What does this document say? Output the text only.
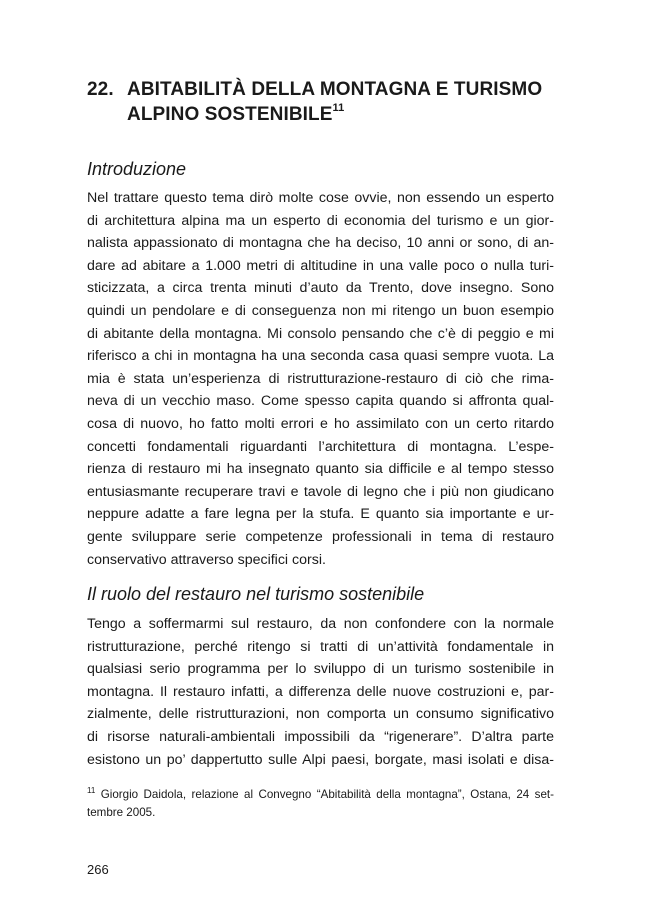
22. ABITABILITÀ DELLA MONTAGNA E TURISMO
ALPINO SOSTENIBILE$^{11}$
Introduzione

Nel trattare questo tema dirò molte cose ovvie, non essendo un esperto
di architettura alpina ma un esperto di economia del turismo e un gior-
nalista appassionato di montagna che ha deciso, 10 anni or sono, di an-
dare ad abitare a 1.000 metri di altitudine in una valle poco o nulla turi-
sticizzata, a circa trenta minuti d’auto da Trento, dove insegno. Sono
quindi un pendolare e di conseguenza non mi ritengo un buon esempio
di abitante della montagna. Mi consolo pensando che c’è di peggio e mi
riferisco a chi in montagna ha una seconda casa quasi sempre vuota. La
mia è stata un’esperienza di ristrutturazione-restauro di ciò che rima-
neva di un vecchio maso. Come spesso capita quando si affronta qual-
cosa di nuovo, ho fatto molti errori e ho assimilato con un certo ritardo
concetti fondamentali riguardanti l’architettura di montagna. L’espe-
rienza di restauro mi ha insegnato quanto sia difficile e al tempo stesso
entusiasmante recuperare travi e tavole di legno che i più non giudicano
neppure adatte a fare legna per la stufa. E quanto sia importante e ur-
gente sviluppare serie competenze professionali in tema di restauro
conservativo attraverso specifici corsi.

Il ruolo del restauro nel turismo sostenibile

Tengo a soffermarmi sul restauro, da non confondere con la normale
ristrutturazione, perché ritengo si tratti di un’attività fondamentale in
qualsiasi serio programma per lo sviluppo di un turismo sostenibile in
montagna. Il restauro infatti, a differenza delle nuove costruzioni e, par-
zialmente, delle ristrutturazioni, non comporta un consumo significativo
di risorse naturali-ambientali impossibili da “rigenerare”. D’altra parte
esistono un po’ dappertutto sulle Alpi paesi, borgate, masi isolati e disa-

$^{11}$ Giorgio Daidola, relazione al Convegno “Abitabilità della montagna”, Ostana, 24 set-
tembre 2005.

266
